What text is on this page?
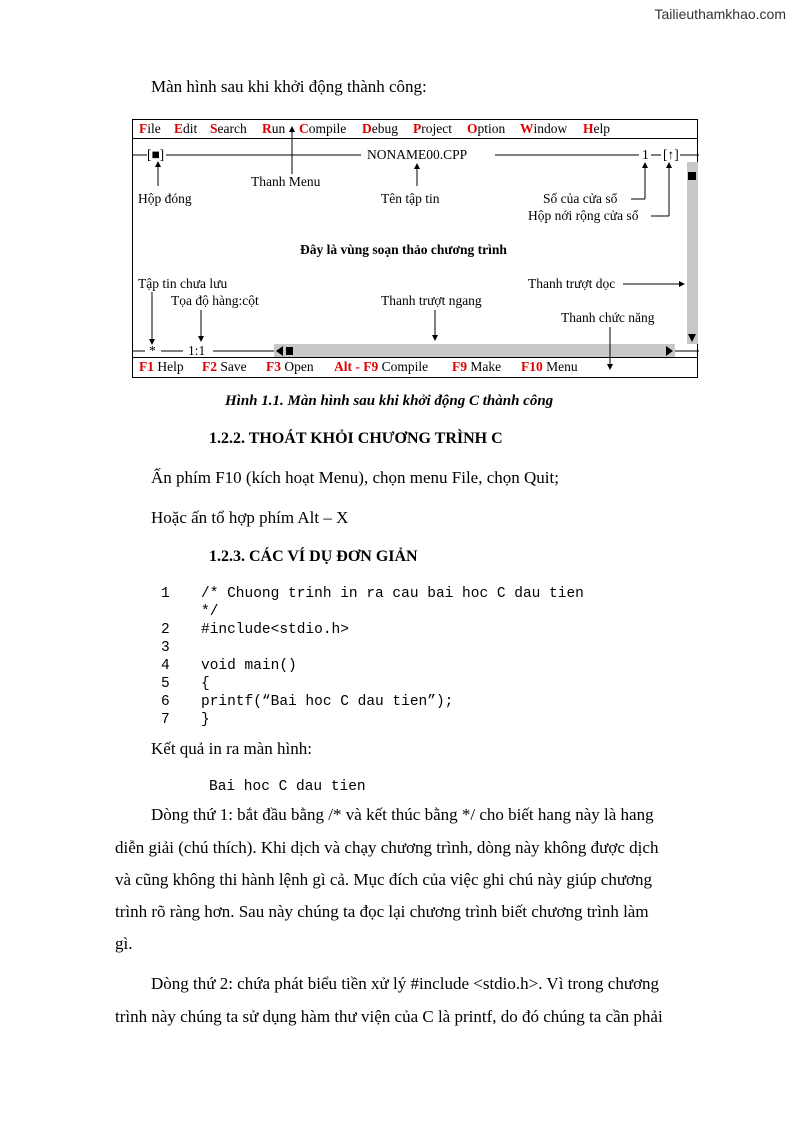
Tailieuthamkhao.com
Màn hình sau khi khởi động thành công:
File Edit Search Run Compile Debug Project Option Window Help
[■]	NONAME00.CPP	1 [↑]
Thanh Menu
Hộp đóng	Tên tập tin	Số của cửa sổ
Hộp nới rộng cửa sổ
Đây là vùng soạn thảo chương trình
Tập tin chưa lưu	Thanh trượt dọc
Tọa độ hàng:cột	Thanh trượt ngang
Thanh chức năng
* 1:1
F1 Help F2 Save F3 Open Alt - F9 Compile F9 Make F10 Menu
Hình 1.1. Màn hình sau khi khởi động C thành công
1.2.2. THOÁT KHỎI CHƯƠNG TRÌNH C
Ấn phím F10 (kích hoạt Menu), chọn menu File, chọn Quit;
Hoặc ấn tổ hợp phím Alt – X
1.2.3. CÁC VÍ DỤ ĐƠN GIẢN
1 /* Chuong trinh in ra cau bai hoc C dau tien
*/
2 #include<stdio.h>
3
4 void main()
5 {
6 printf(“Bai hoc C dau tien”);
7 }
Kết quả in ra màn hình:
Bai hoc C dau tien
Dòng thứ 1: bắt đầu bằng /* và kết thúc bằng */ cho biết hang này là hang
diễn giải (chú thích). Khi dịch và chạy chương trình, dòng này không được dịch
và cũng không thi hành lệnh gì cả. Mục đích của việc ghi chú này giúp chương
trình rõ ràng hơn. Sau này chúng ta đọc lại chương trình biết chương trình làm
gì.
Dòng thứ 2: chứa phát biểu tiền xử lý #include <stdio.h>. Vì trong chương
trình này chúng ta sử dụng hàm thư viện của C là printf, do đó chúng ta cần phải
